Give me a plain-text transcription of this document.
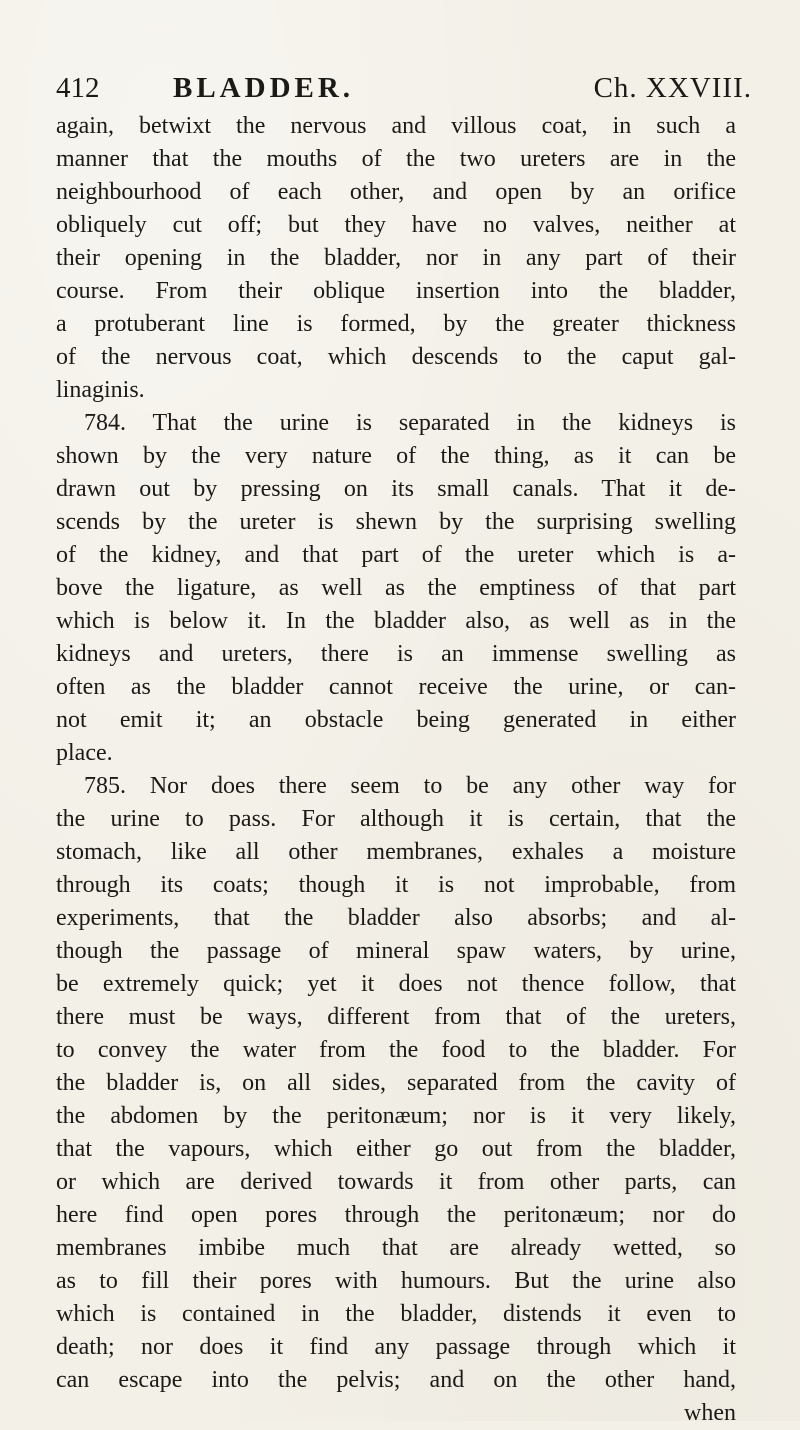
412	BLADDER.	Ch. XXVIII.
again, betwixt the nervous and villous coat, in such a
manner that the mouths of the two ureters are in the
neighbourhood of each other, and open by an orifice
obliquely cut off; but they have no valves, neither at
their opening in the bladder, nor in any part of their
course. From their oblique insertion into the bladder,
a protuberant line is formed, by the greater thickness
of the nervous coat, which descends to the caput gal-
linaginis.
784. That the urine is separated in the kidneys is
shown by the very nature of the thing, as it can be
drawn out by pressing on its small canals. That it de-
scends by the ureter is shewn by the surprising swelling
of the kidney, and that part of the ureter which is a-
bove the ligature, as well as the emptiness of that part
which is below it. In the bladder also, as well as in the
kidneys and ureters, there is an immense swelling as
often as the bladder cannot receive the urine, or can-
not emit it; an obstacle being generated in either
place.
785. Nor does there seem to be any other way for
the urine to pass. For although it is certain, that the
stomach, like all other membranes, exhales a moisture
through its coats; though it is not improbable, from
experiments, that the bladder also absorbs; and al-
though the passage of mineral spaw waters, by urine,
be extremely quick; yet it does not thence follow, that
there must be ways, different from that of the ureters,
to convey the water from the food to the bladder. For
the bladder is, on all sides, separated from the cavity of
the abdomen by the peritonæum; nor is it very likely,
that the vapours, which either go out from the bladder,
or which are derived towards it from other parts, can
here find open pores through the peritonæum; nor do
membranes imbibe much that are already wetted, so
as to fill their pores with humours. But the urine also
which is contained in the bladder, distends it even to
death; nor does it find any passage through which it
can escape into the pelvis; and on the other hand,
when
